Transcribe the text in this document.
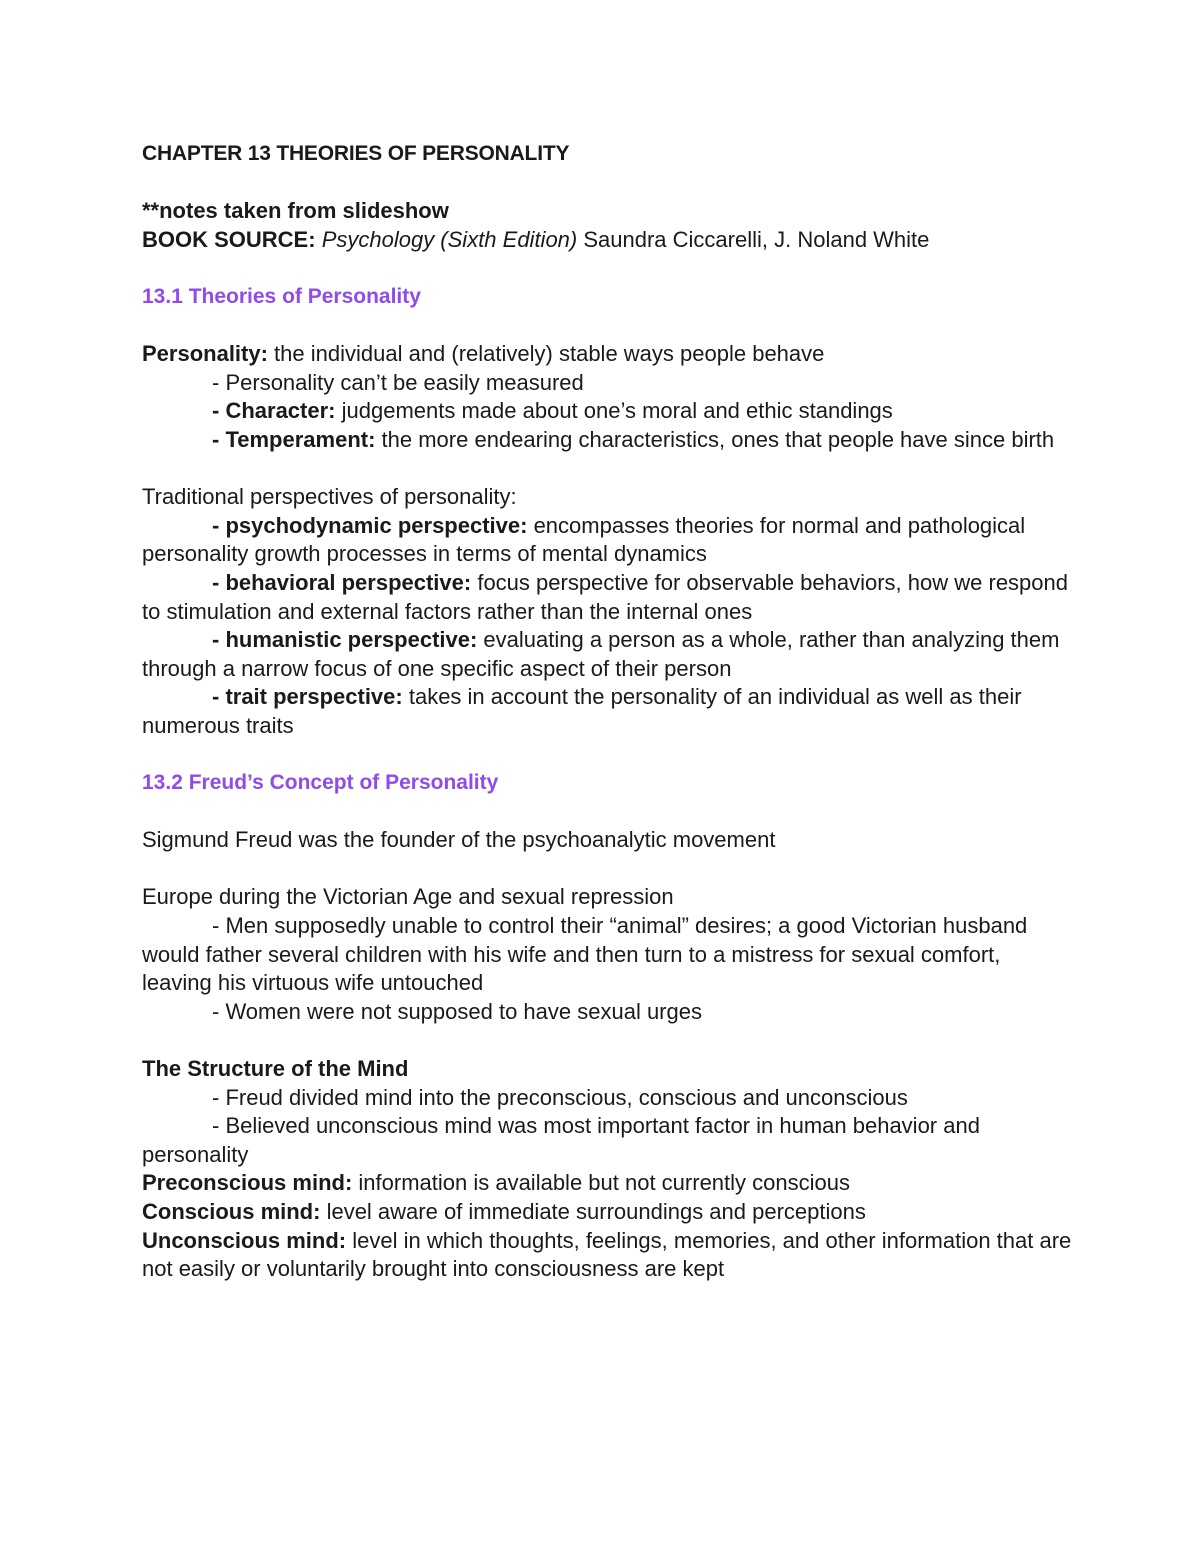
CHAPTER 13 THEORIES OF PERSONALITY
**notes taken from slideshow
BOOK SOURCE: Psychology (Sixth Edition) Saundra Ciccarelli, J. Noland White
13.1 Theories of Personality
Personality: the individual and (relatively) stable ways people behave
- Personality can’t be easily measured
- Character: judgements made about one’s moral and ethic standings
- Temperament: the more endearing characteristics, ones that people have since birth
Traditional perspectives of personality:
- psychodynamic perspective: encompasses theories for normal and pathological personality growth processes in terms of mental dynamics
- behavioral perspective: focus perspective for observable behaviors, how we respond to stimulation and external factors rather than the internal ones
- humanistic perspective: evaluating a person as a whole, rather than analyzing them through a narrow focus of one specific aspect of their person
- trait perspective: takes in account the personality of an individual as well as their numerous traits
13.2 Freud’s Concept of Personality
Sigmund Freud was the founder of the psychoanalytic movement
Europe during the Victorian Age and sexual repression
- Men supposedly unable to control their “animal” desires; a good Victorian husband would father several children with his wife and then turn to a mistress for sexual comfort, leaving his virtuous wife untouched
- Women were not supposed to have sexual urges
The Structure of the Mind
- Freud divided mind into the preconscious, conscious and unconscious
- Believed unconscious mind was most important factor in human behavior and personality
Preconscious mind: information is available but not currently conscious
Conscious mind: level aware of immediate surroundings and perceptions
Unconscious mind: level in which thoughts, feelings, memories, and other information that are not easily or voluntarily brought into consciousness are kept
